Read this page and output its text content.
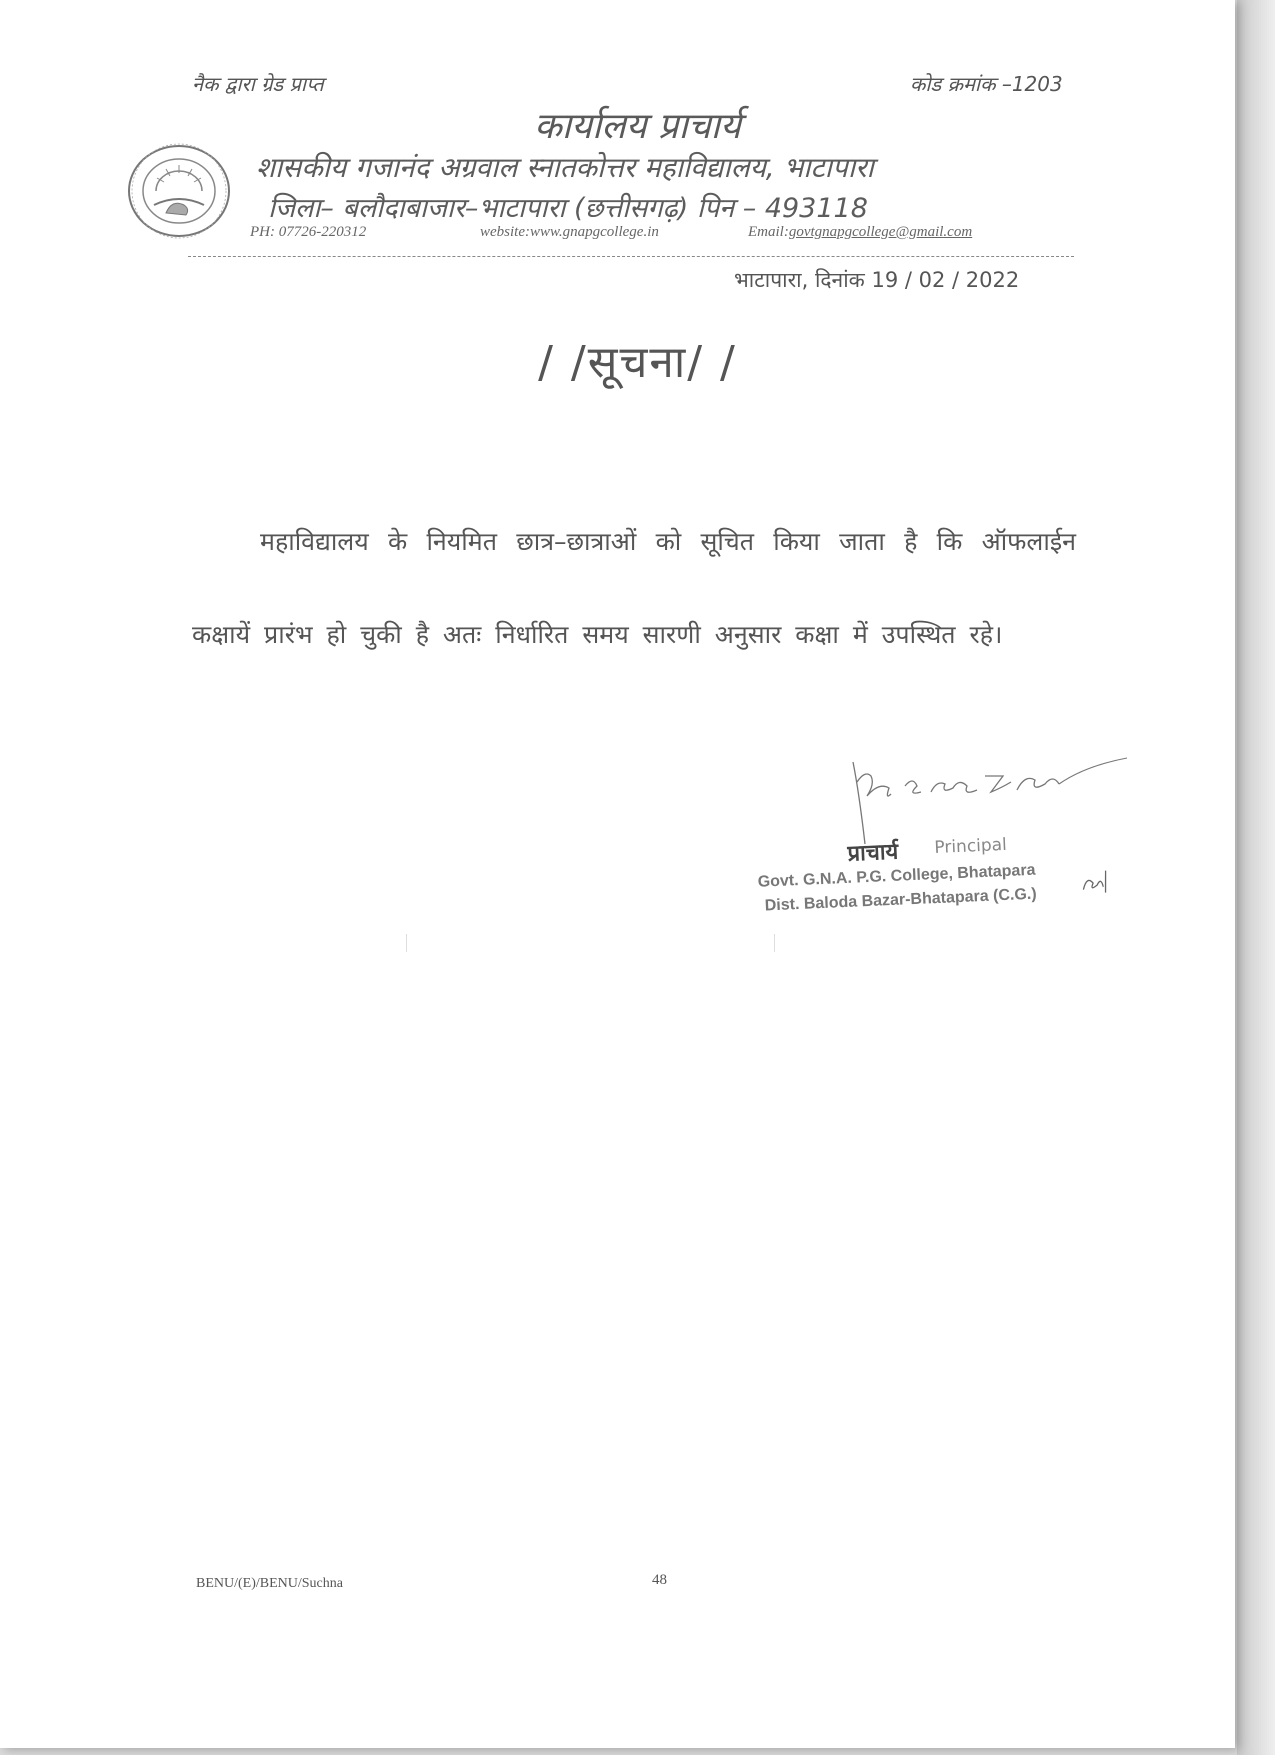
नैक द्वारा ग्रेड प्राप्त	कोड क्रमांक –1203
कार्यालय प्राचार्य
शासकीय गजानंद अग्रवाल स्नातकोत्तर महाविद्यालय, भाटापारा
जिला– बलौदाबाजार–भाटापारा (छत्तीसगढ़) पिन – 493118
PH: 07726-220312	website:www.gnapgcollege.in	Email:govtgnapgcollege@gmail.com
भाटापारा, दिनांक 19 / 02 / 2022
/ /सूचना/ /

महाविद्यालय के नियमित छात्र–छात्राओं को सूचित किया जाता है कि ऑफलाईन कक्षायें प्रारंभ हो चुकी है अतः निर्धारित समय सारणी अनुसार कक्षा में उपस्थित रहे।

Principal
प्राचार्य
Govt. G.N.A. P.G. College, Bhatapara
Dist. Baloda Bazar-Bhatapara (C.G.)
BENU/(E)/BENU/Suchna	48
